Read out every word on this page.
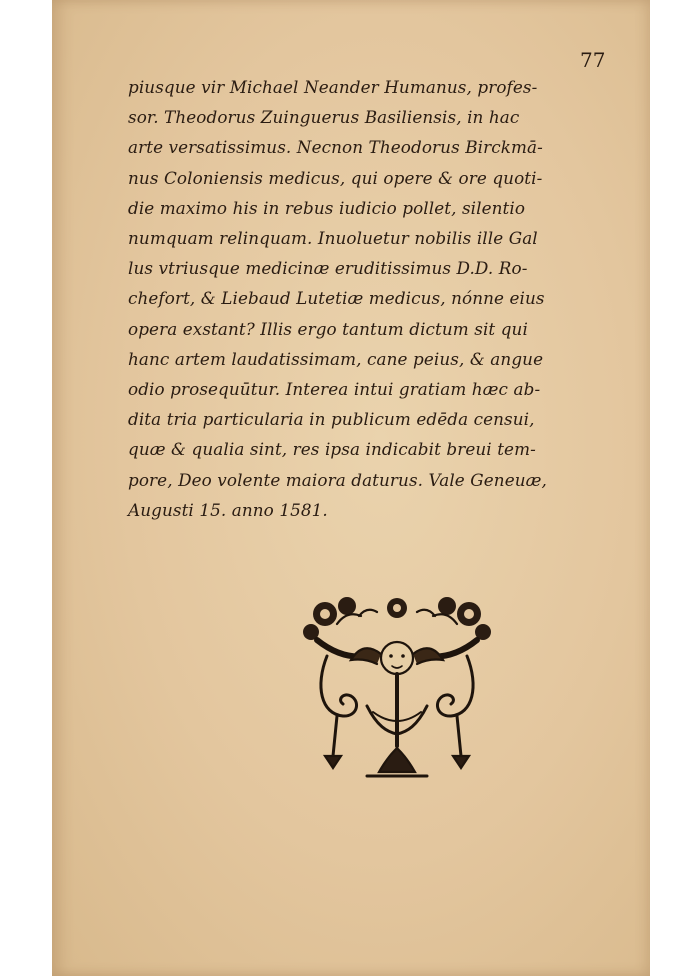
77
piusque vir Michael Neander Humanus, profes-
sor. Theodorus Zuinguerus Basiliensis, in hac
arte versatissimus. Necnon Theodorus Birckmā-
nus Coloniensis medicus, qui opere & ore quoti-
die maximo his in rebus iudicio pollet, silentio
numquam relinquam. Inuoluetur nobilis ille Gal
lus vtriusque medicinæ eruditissimus D.D. Ro-
chefort, & Liebaud Lutetiæ medicus, nónne eius
opera exstant? Illis ergo tantum dictum sit qui
hanc artem laudatissimam, cane peius, & angue
odio prosequūtur. Interea intui gratiam hæc ab-
dita tria particularia in publicum edēda censui,
quæ & qualia sint, res ipsa indicabit breui tem-
pore, Deo volente maiora daturus. Vale Geneuæ,
Augusti 15. anno 1581.
